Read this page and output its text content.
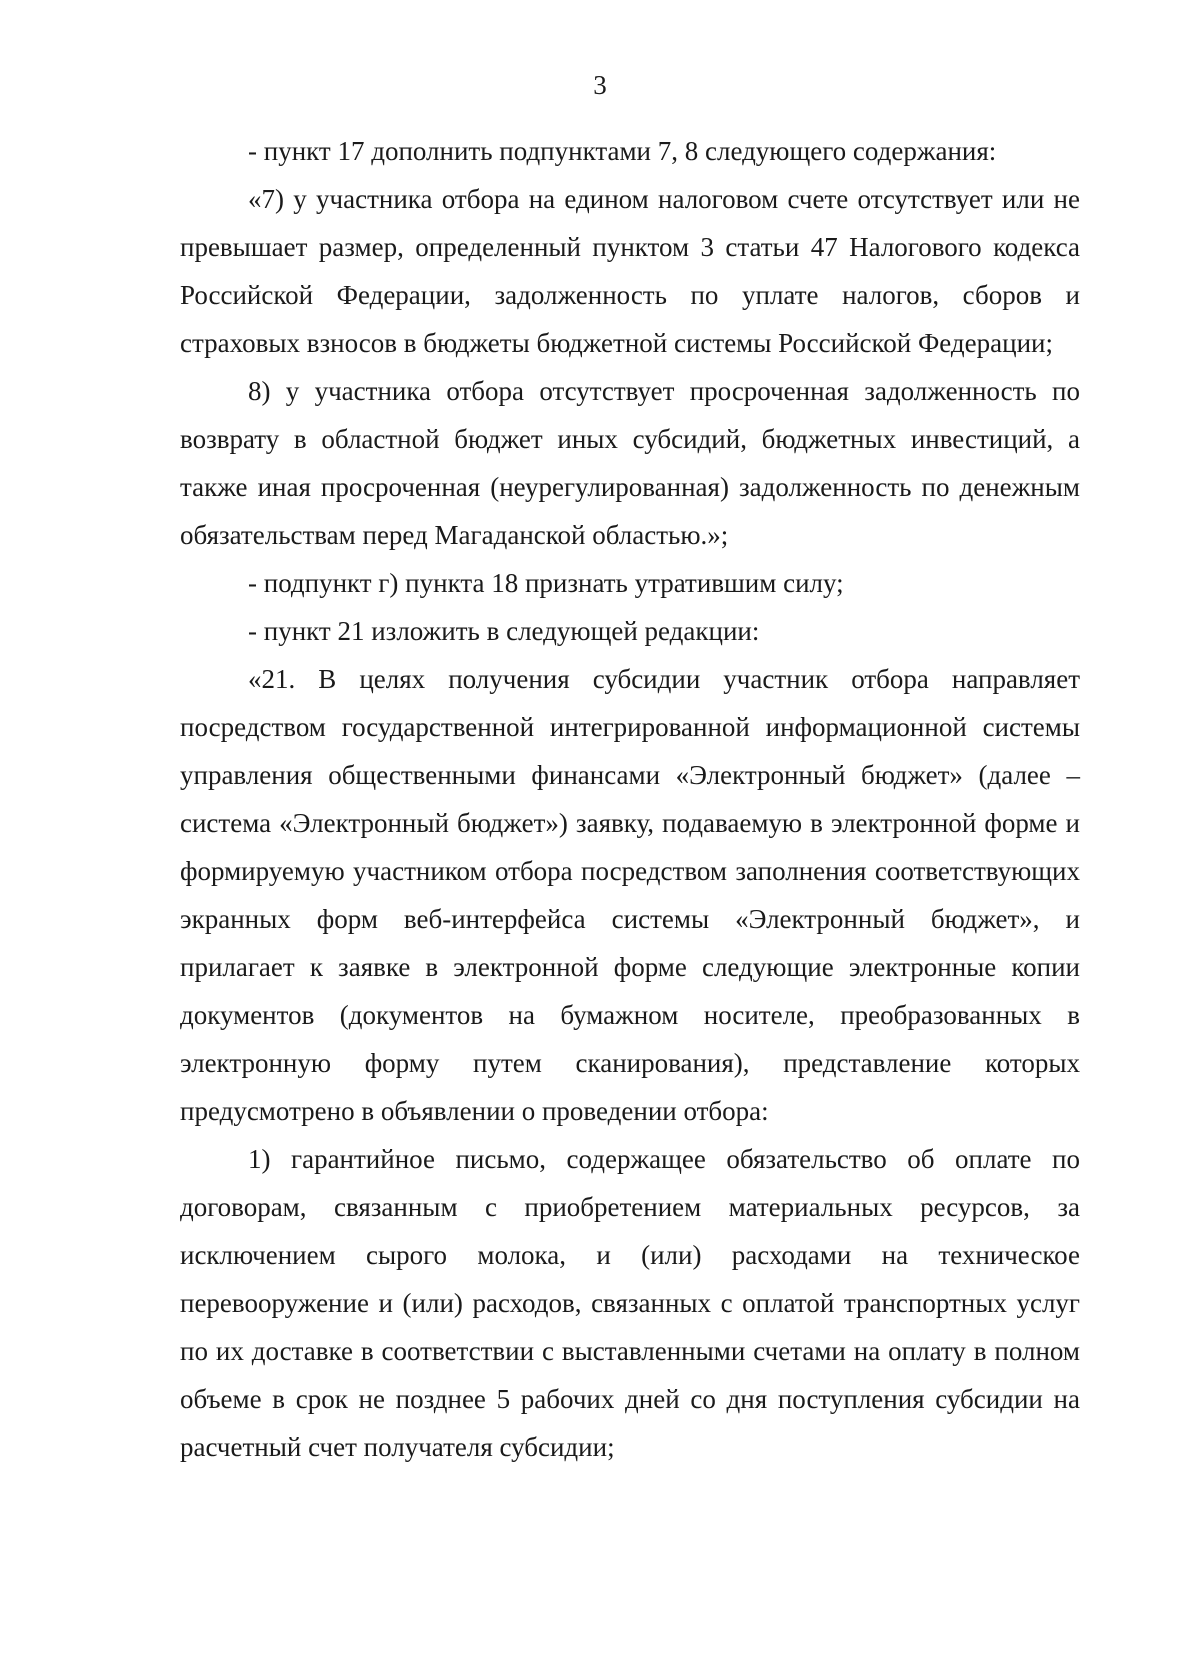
3

- пункт 17 дополнить подпунктами 7, 8 следующего содержания:

«7) у участника отбора на едином налоговом счете отсутствует или не превышает размер, определенный пунктом 3 статьи 47 Налогового кодекса Российской Федерации, задолженность по уплате налогов, сборов и страховых взносов в бюджеты бюджетной системы Российской Федерации;

8) у участника отбора отсутствует просроченная задолженность по возврату в областной бюджет иных субсидий, бюджетных инвестиций, а также иная просроченная (неурегулированная) задолженность по денежным обязательствам перед Магаданской областью.»;

- подпункт г) пункта 18 признать утратившим силу;

- пункт 21 изложить в следующей редакции:

«21. В целях получения субсидии участник отбора направляет посредством государственной интегрированной информационной системы управления общественными финансами «Электронный бюджет» (далее – система «Электронный бюджет») заявку, подаваемую в электронной форме и формируемую участником отбора посредством заполнения соответствующих экранных форм веб-интерфейса системы «Электронный бюджет», и прилагает к заявке в электронной форме следующие электронные копии документов (документов на бумажном носителе, преобразованных в электронную форму путем сканирования), представление которых предусмотрено в объявлении о проведении отбора:

1) гарантийное письмо, содержащее обязательство об оплате по договорам, связанным с приобретением материальных ресурсов, за исключением сырого молока, и (или) расходами на техническое перевооружение и (или) расходов, связанных с оплатой транспортных услуг по их доставке в соответствии с выставленными счетами на оплату в полном объеме в срок не позднее 5 рабочих дней со дня поступления субсидии на расчетный счет получателя субсидии;
